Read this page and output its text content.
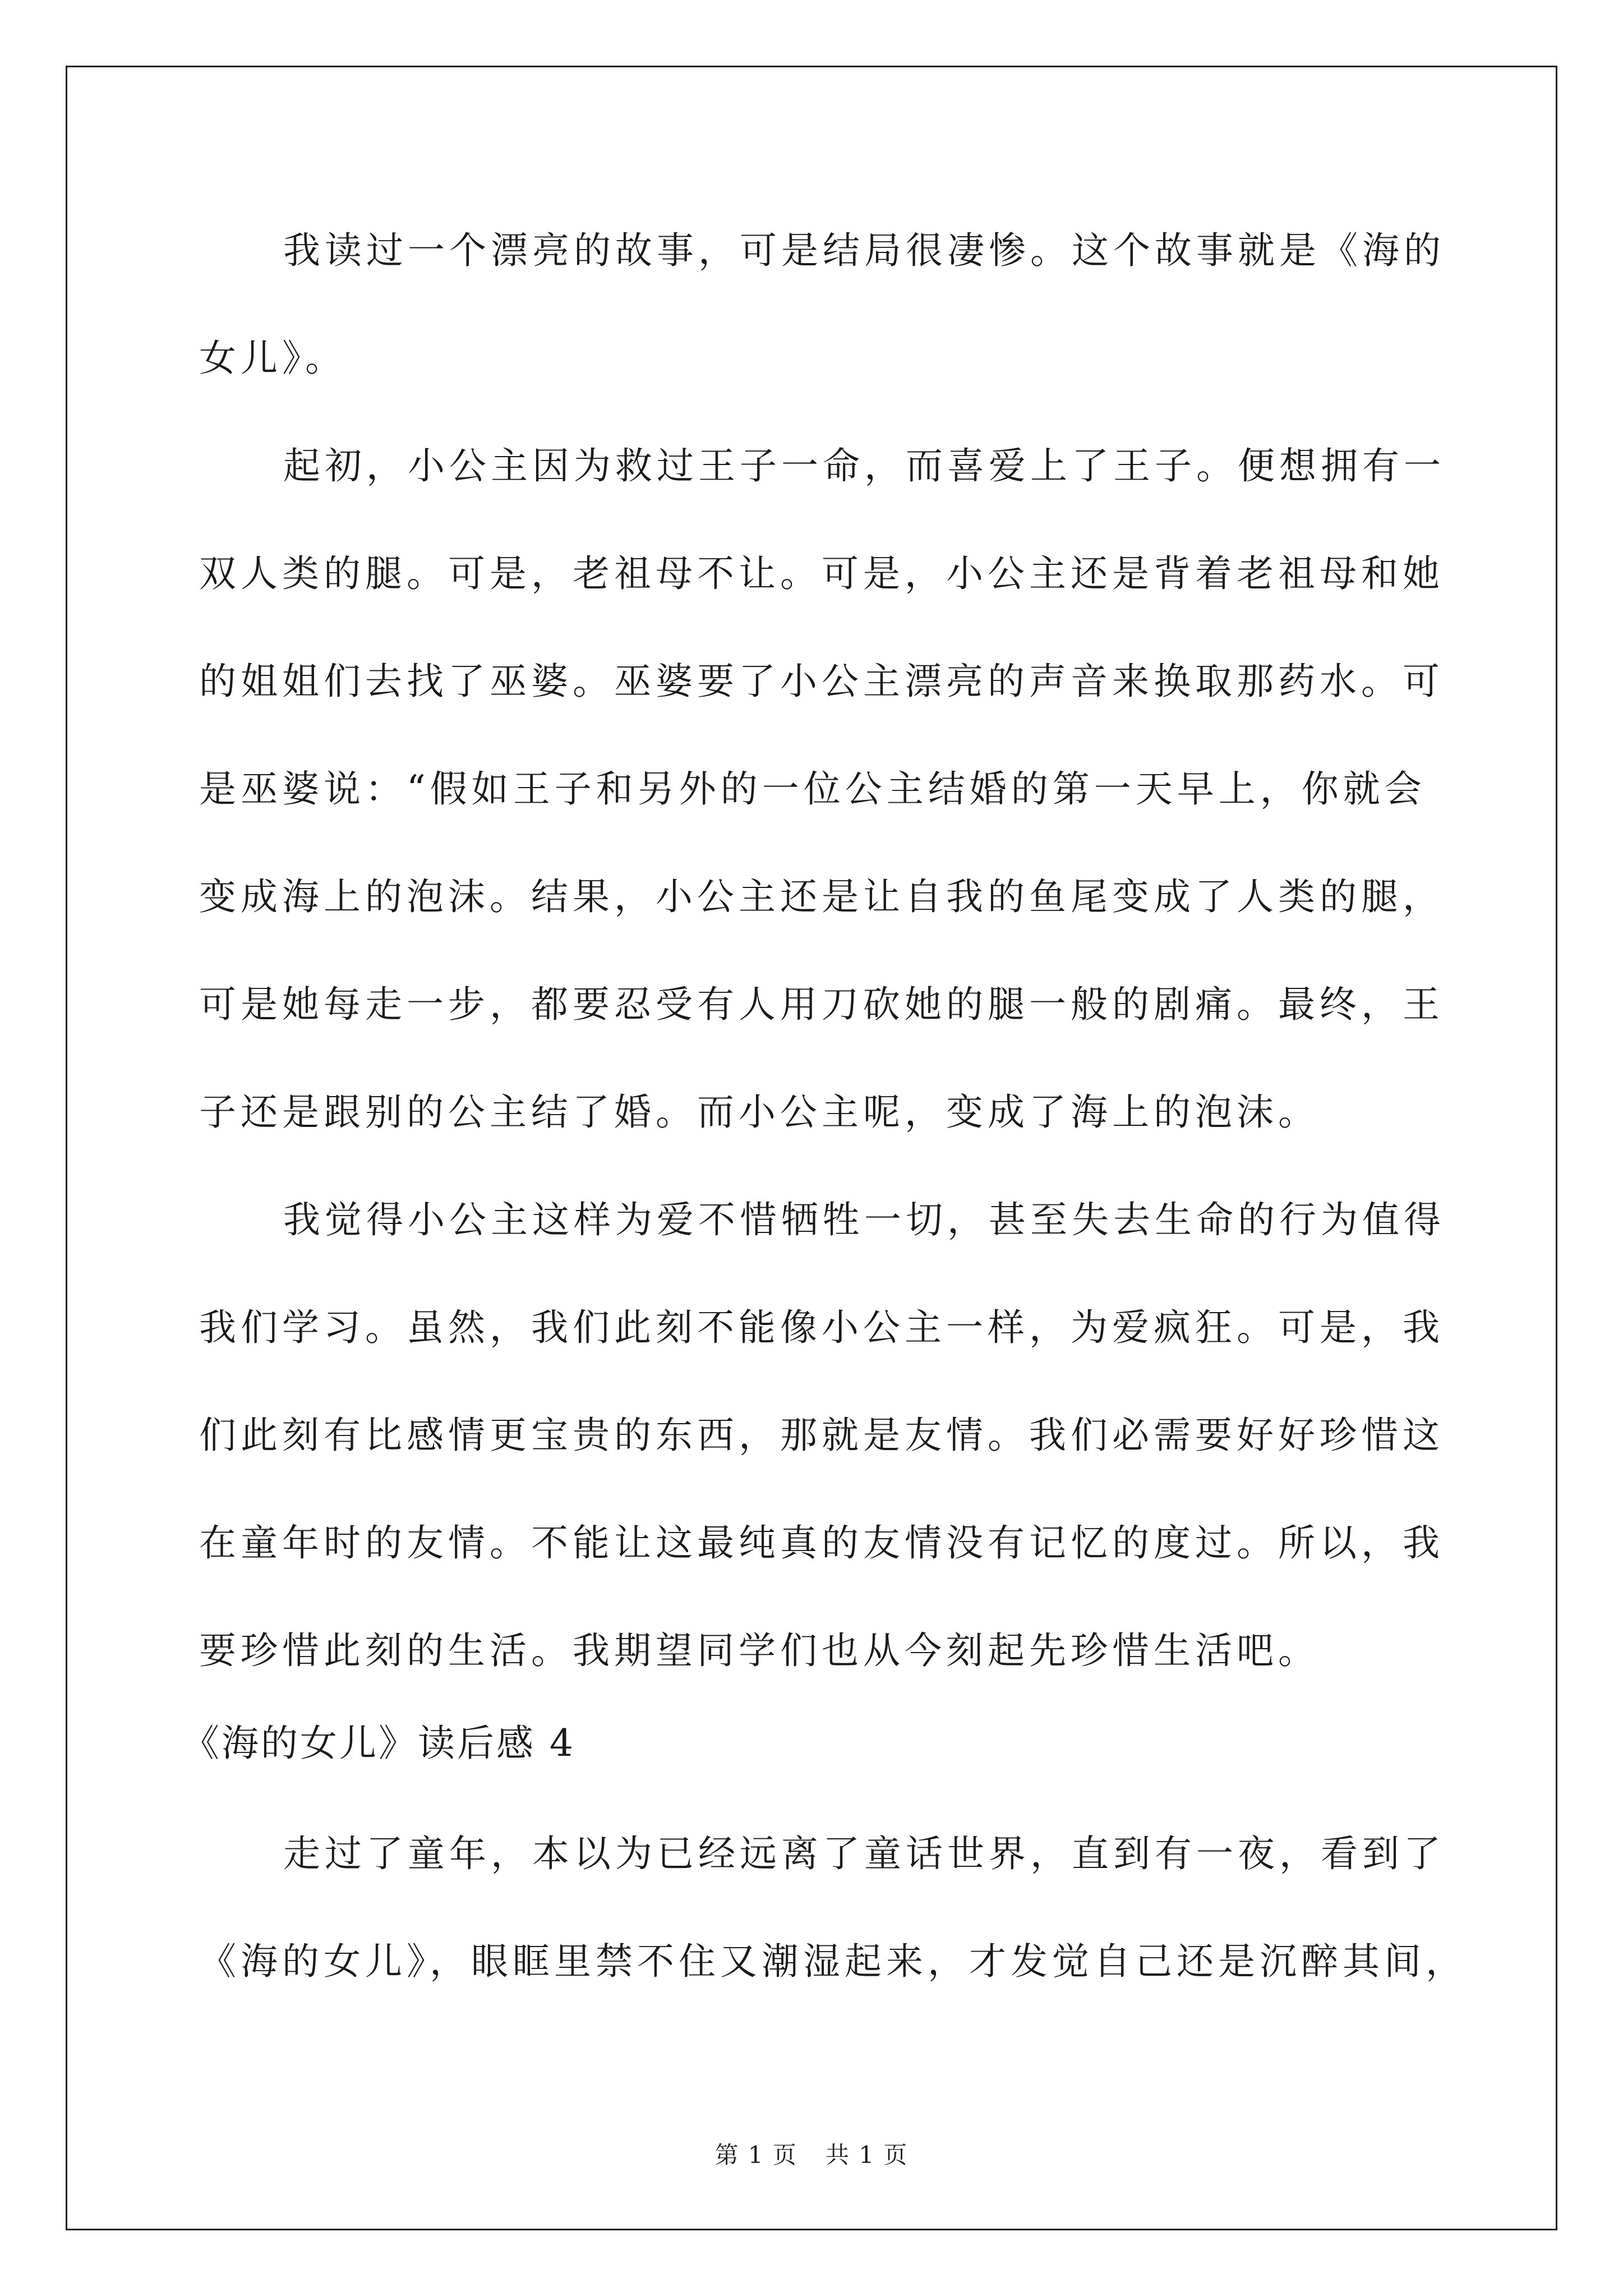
我读过一个漂亮的故事，可是结局很凄惨。这个故事就是《海的
女儿》。
起初，小公主因为救过王子一命，而喜爱上了王子。便想拥有一
双人类的腿。可是，老祖母不让。可是，小公主还是背着老祖母和她
的姐姐们去找了巫婆。巫婆要了小公主漂亮的声音来换取那药水。可
是巫婆说：“假如王子和另外的一位公主结婚的第一天早上，你就会
变成海上的泡沫。结果，小公主还是让自我的鱼尾变成了人类的腿，
可是她每走一步，都要忍受有人用刀砍她的腿一般的剧痛。最终，王
子还是跟别的公主结了婚。而小公主呢，变成了海上的泡沫。
我觉得小公主这样为爱不惜牺牲一切，甚至失去生命的行为值得
我们学习。虽然，我们此刻不能像小公主一样，为爱疯狂。可是，我
们此刻有比感情更宝贵的东西，那就是友情。我们必需要好好珍惜这
在童年时的友情。不能让这最纯真的友情没有记忆的度过。所以，我
要珍惜此刻的生活。我期望同学们也从今刻起先珍惜生活吧。
《海的女儿》读后感 4
走过了童年，本以为已经远离了童话世界，直到有一夜，看到了
《海的女儿》，眼眶里禁不住又潮湿起来，才发觉自己还是沉醉其间，
第 1 页 共 1 页
